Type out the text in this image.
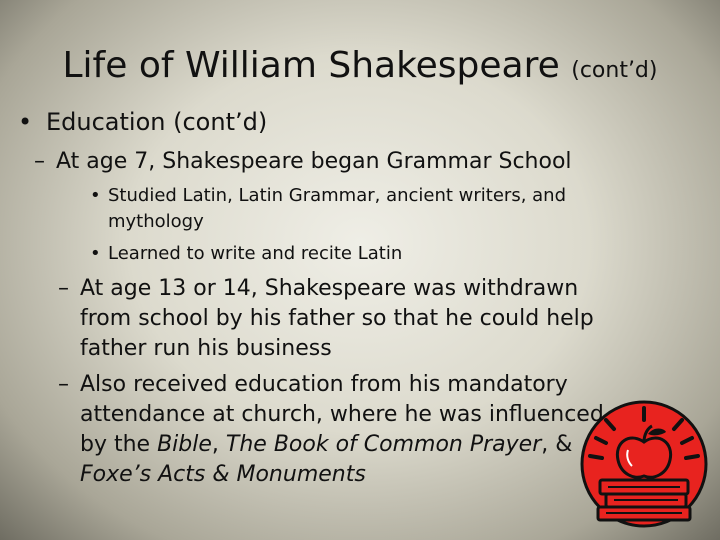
Life of William Shakespeare (cont’d)
• Education (cont’d)
– At age 7, Shakespeare began Grammar School
• Studied Latin, Latin Grammar, ancient writers, and
mythology
• Learned to write and recite Latin
– At age 13 or 14, Shakespeare was withdrawn
from school by his father so that he could help
father run his business
– Also received education from his mandatory
attendance at church, where he was influenced
by the Bible, The Book of Common Prayer, &
Foxe’s Acts & Monuments
